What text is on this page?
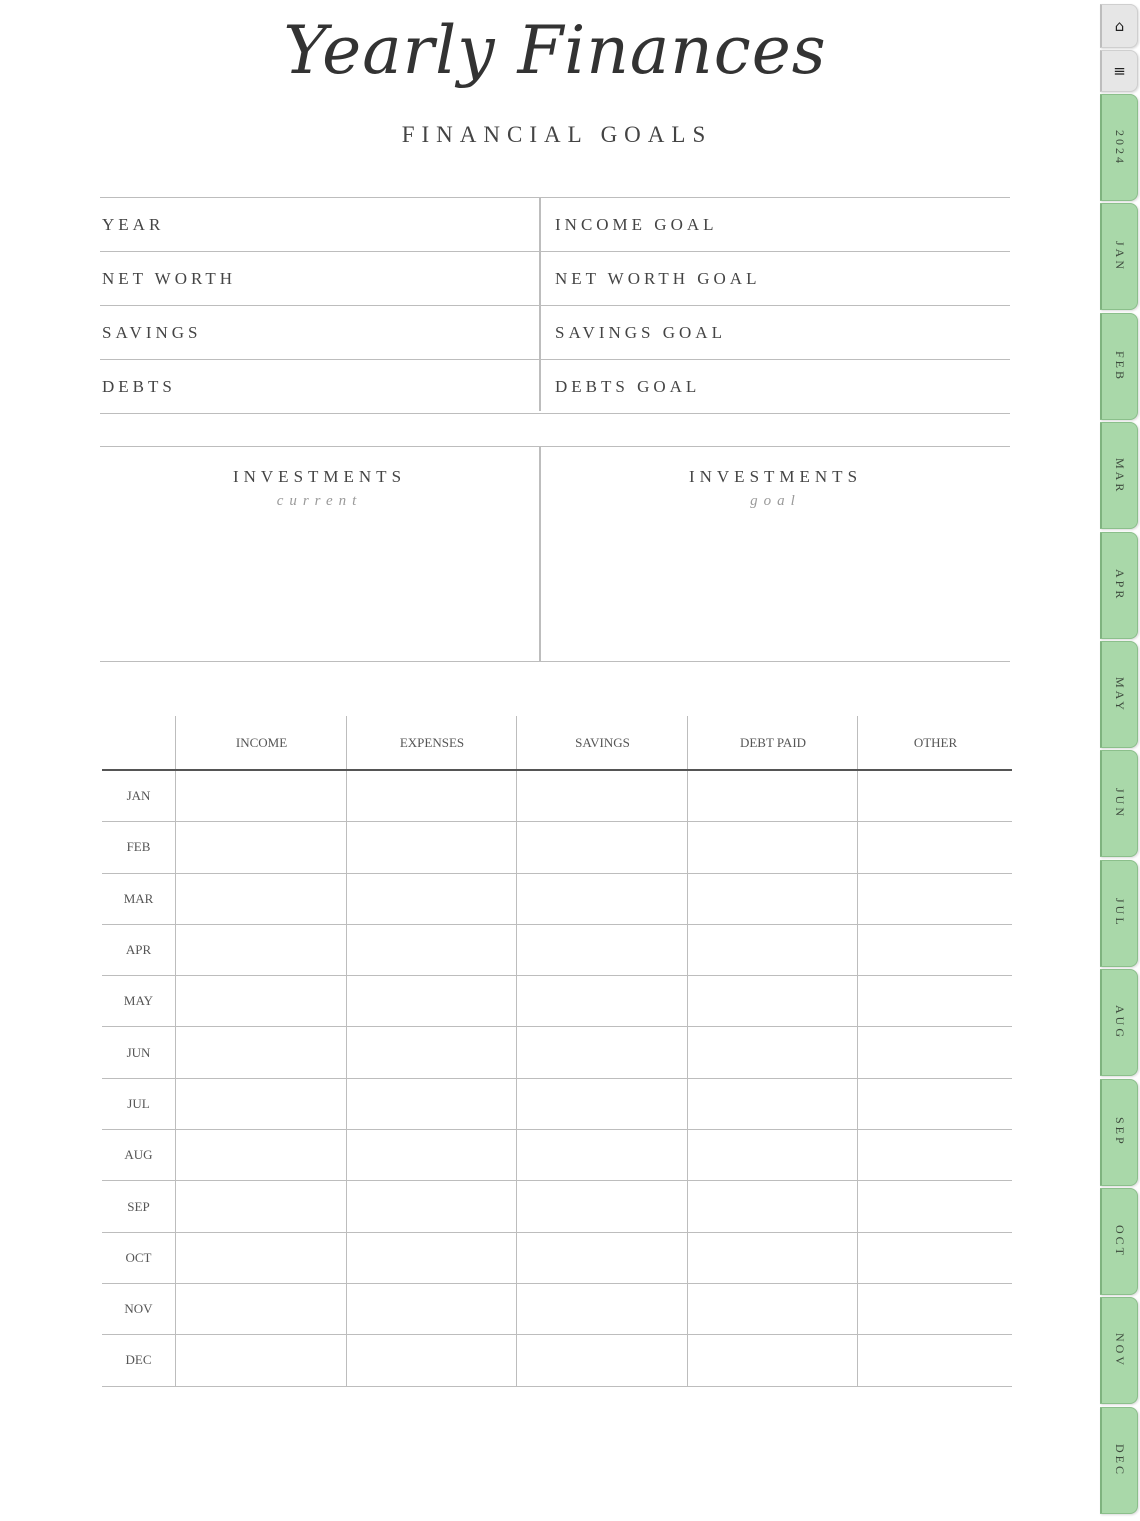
Yearly Finances
FINANCIAL GOALS
YEAR	INCOME GOAL
NET WORTH	NET WORTH GOAL
SAVINGS	SAVINGS GOAL
DEBTS	DEBTS GOAL
INVESTMENTS
current
INVESTMENTS
goal
INCOME	EXPENSES	SAVINGS	DEBT PAID	OTHER
JAN
FEB
MAR
APR
MAY
JUN
JUL
AUG
SEP
OCT
NOV
DEC
⌂
≡
2024
JAN
FEB
MAR
APR
MAY
JUN
JUL
AUG
SEP
OCT
NOV
DEC
